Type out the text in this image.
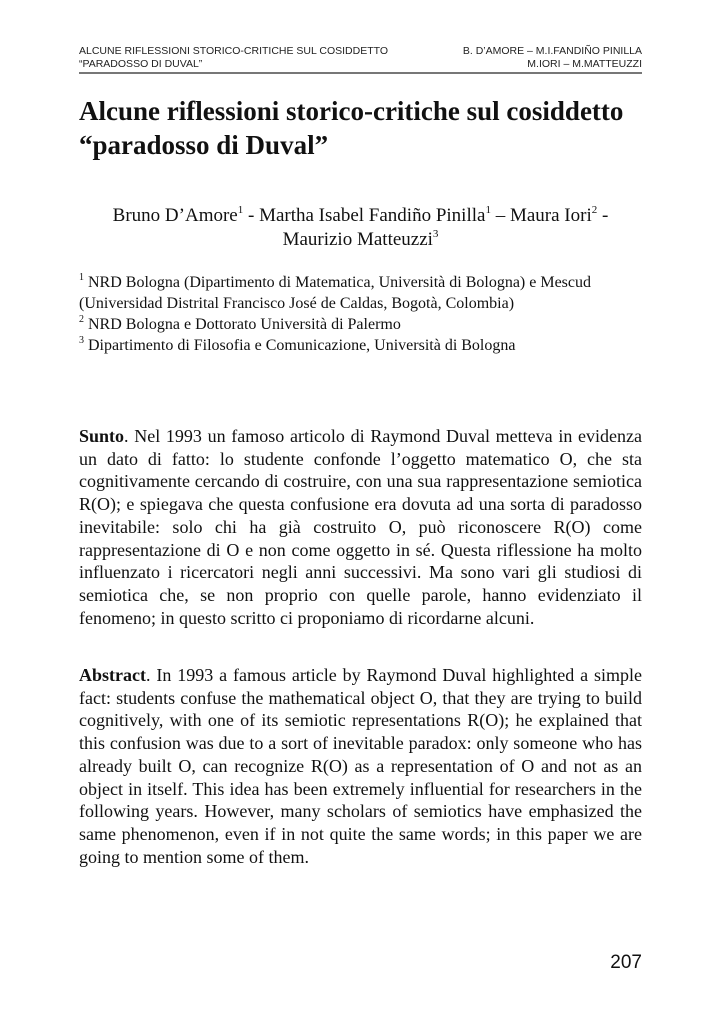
ALCUNE RIFLESSIONI STORICO-CRITICHE SUL COSIDDETTO
“PARADOSSO DI DUVAL”
B. D’AMORE – M.I.FANDIÑO PINILLA
M.IORI – M.MATTEUZZI
Alcune riflessioni storico-critiche sul cosiddetto
“paradosso di Duval”
Bruno D’Amore$^1$ - Martha Isabel Fandiño Pinilla$^1$ – Maura Iori$^2$ -
Maurizio Matteuzzi$^3$
$^1$ NRD Bologna (Dipartimento di Matematica, Università di Bologna) e Mescud
(Universidad Distrital Francisco José de Caldas, Bogotà, Colombia)
$^2$ NRD Bologna e Dottorato Università di Palermo
$^3$ Dipartimento di Filosofia e Comunicazione, Università di Bologna

Sunto. Nel 1993 un famoso articolo di Raymond Duval metteva in evidenza un dato di fatto: lo studente confonde l’oggetto matematico O, che sta cognitivamente cercando di costruire, con una sua rappresentazione semiotica R(O); e spiegava che questa confusione era dovuta ad una sorta di paradosso inevitabile: solo chi ha già costruito O, può riconoscere R(O) come rappresentazione di O e non come oggetto in sé. Questa riflessione ha molto influenzato i ricercatori negli anni successivi. Ma sono vari gli studiosi di semiotica che, se non proprio con quelle parole, hanno evidenziato il fenomeno; in questo scritto ci proponiamo di ricordarne alcuni.

Abstract. In 1993 a famous article by Raymond Duval highlighted a simple fact: students confuse the mathematical object O, that they are trying to build cognitively, with one of its semiotic representations R(O); he explained that this confusion was due to a sort of inevitable paradox: only someone who has already built O, can recognize R(O) as a representation of O and not as an object in itself. This idea has been extremely influential for researchers in the following years. However, many scholars of semiotics have emphasized the same phenomenon, even if in not quite the same words; in this paper we are going to mention some of them.

207
